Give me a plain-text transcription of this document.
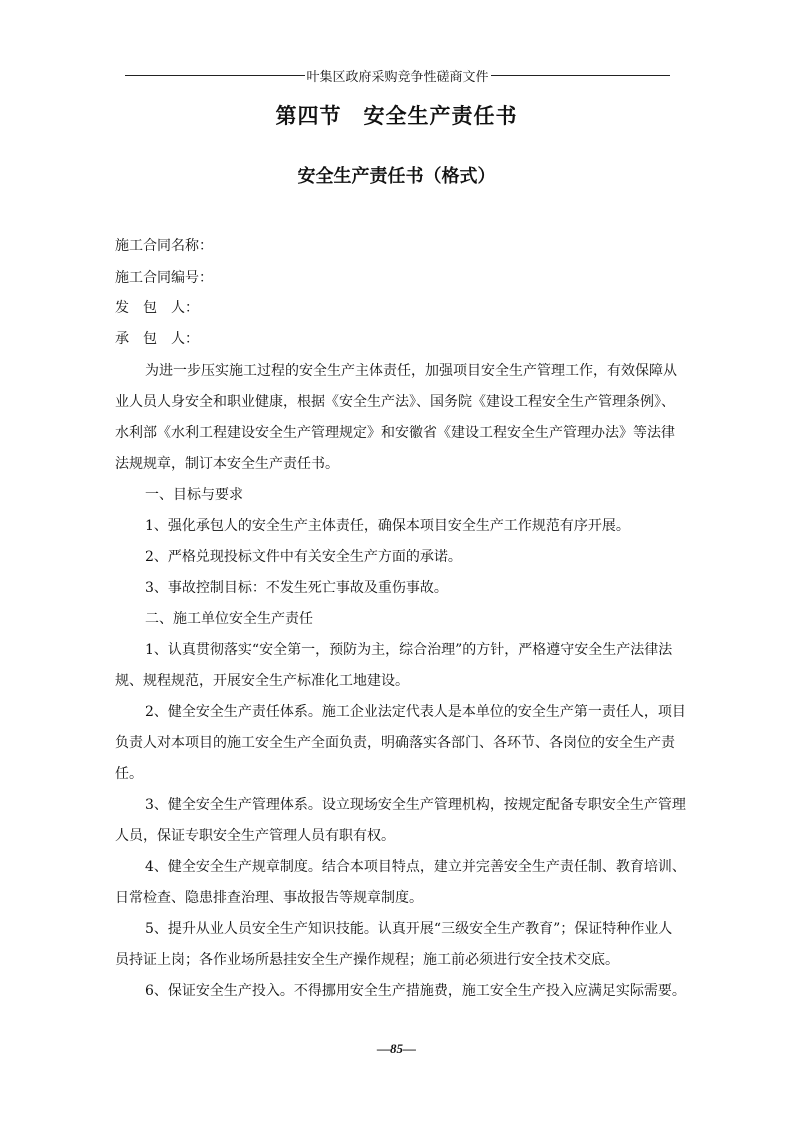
叶集区政府采购竞争性磋商文件
第四节　安全生产责任书
安全生产责任书（格式）
施工合同名称：
施工合同编号：
发　包　人：
承　包　人：
为进一步压实施工过程的安全生产主体责任，加强项目安全生产管理工作，有效保障从
业人员人身安全和职业健康，根据《安全生产法》、国务院《建设工程安全生产管理条例》、
水利部《水利工程建设安全生产管理规定》和安徽省《建设工程安全生产管理办法》等法律
法规规章，制订本安全生产责任书。
一、目标与要求
1、强化承包人的安全生产主体责任，确保本项目安全生产工作规范有序开展。
2、严格兑现投标文件中有关安全生产方面的承诺。
3、事故控制目标：不发生死亡事故及重伤事故。
二、施工单位安全生产责任
1、认真贯彻落实“安全第一，预防为主，综合治理”的方针，严格遵守安全生产法律法
规、规程规范，开展安全生产标准化工地建设。
2、健全安全生产责任体系。施工企业法定代表人是本单位的安全生产第一责任人，项目
负责人对本项目的施工安全生产全面负责，明确落实各部门、各环节、各岗位的安全生产责
任。
3、健全安全生产管理体系。设立现场安全生产管理机构，按规定配备专职安全生产管理
人员，保证专职安全生产管理人员有职有权。
4、健全安全生产规章制度。结合本项目特点，建立并完善安全生产责任制、教育培训、
日常检查、隐患排查治理、事故报告等规章制度。
5、提升从业人员安全生产知识技能。认真开展“三级安全生产教育”；保证特种作业人
员持证上岗；各作业场所悬挂安全生产操作规程；施工前必须进行安全技术交底。
6、保证安全生产投入。不得挪用安全生产措施费，施工安全生产投入应满足实际需要。
—85—
